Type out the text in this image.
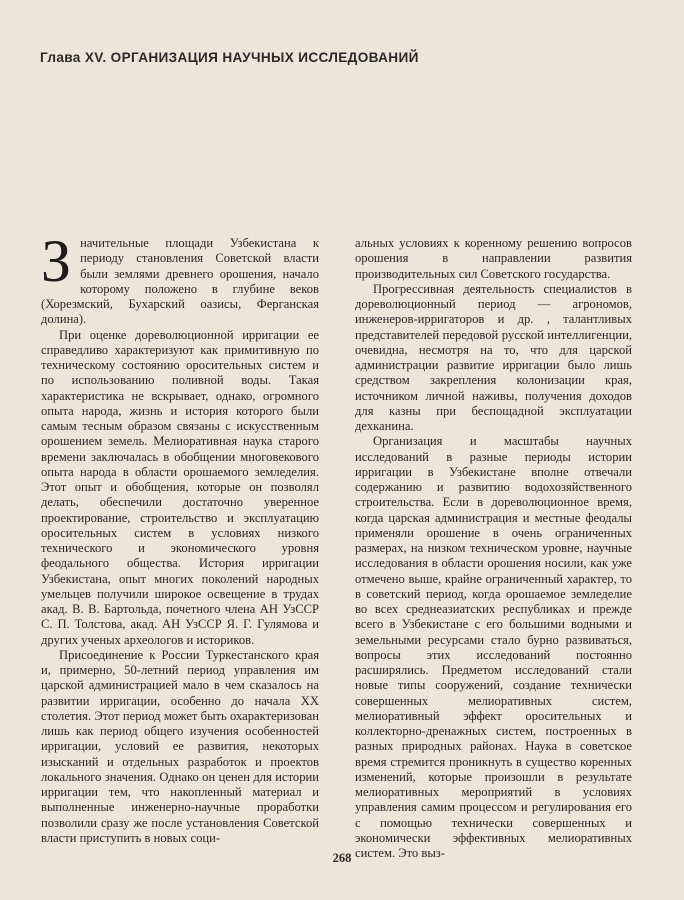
Глава XV. ОРГАНИЗАЦИЯ НАУЧНЫХ ИССЛЕДОВАНИЙ

Значительные площади Узбекистана к периоду становления Советской власти были землями древнего орошения, начало которому положено в глубине веков (Хорезмский, Бухарский оазисы, Ферганская долина).

При оценке дореволюционной ирригации ее справедливо характеризуют как примитивную по техническому состоянию оросительных систем и по использованию поливной воды. Такая характеристика не вскрывает, однако, огромного опыта народа, жизнь и история которого были самым тесным образом связаны с искусственным орошением земель. Мелиоративная наука старого времени заключалась в обобщении многовекового опыта народа в области орошаемого земледелия. Этот опыт и обобщения, которые он позволял делать, обеспечили достаточно уверенное проектирование, строительство и эксплуатацию оросительных систем в условиях низкого технического и экономического уровня феодального общества. История ирригации Узбекистана, опыт многих поколений народных умельцев получили широкое освещение в трудах акад. В. В. Бартольда, почетного члена АН УзССР С. П. Толстова, акад. АН УзССР Я. Г. Гулямова и других ученых археологов и историков.

Присоединение к России Туркестанского края и, примерно, 50-летний период управления им царской администрацией мало в чем сказалось на развитии ирригации, особенно до начала XX столетия. Этот период может быть охарактеризован лишь как период общего изучения особенностей ирригации, условий ее развития, некоторых изысканий и отдельных разработок и проектов локального значения. Однако он ценен для истории ирригации тем, что накопленный материал и выполненные инженерно-научные проработки позволили сразу же после установления Советской власти приступить в новых соци-

альных условиях к коренному решению вопросов орошения в направлении развития производительных сил Советского государства.

Прогрессивная деятельность специалистов в дореволюционный период — агрономов, инженеров-ирригаторов и др. , талантливых представителей передовой русской интеллигенции, очевидна, несмотря на то, что для царской администрации развитие ирригации было лишь средством закрепления колонизации края, источником личной наживы, получения доходов для казны при беспощадной эксплуатации дехканина.

Организация и масштабы научных исследований в разные периоды истории ирригации в Узбекистане вполне отвечали содержанию и развитию водохозяйственного строительства. Если в дореволюционное время, когда царская администрация и местные феодалы применяли орошение в очень ограниченных размерах, на низком техническом уровне, научные исследования в области орошения носили, как уже отмечено выше, крайне ограниченный характер, то в советский период, когда орошаемое земледелие во всех среднеазиатских республиках и прежде всего в Узбекистане с его большими водными и земельными ресурсами стало бурно развиваться, вопросы этих исследований постоянно расширялись. Предметом исследований стали новые типы сооружений, создание технически совершенных мелиоративных систем, мелиоративный эффект оросительных и коллекторно-дренажных систем, построенных в разных природных районах. Наука в советское время стремится проникнуть в существо коренных изменений, которые произошли в результате мелиоративных мероприятий в условиях управления самим процессом и регулирования его с помощью технически совершенных и экономически эффективных мелиоративных систем. Это выз-

268
